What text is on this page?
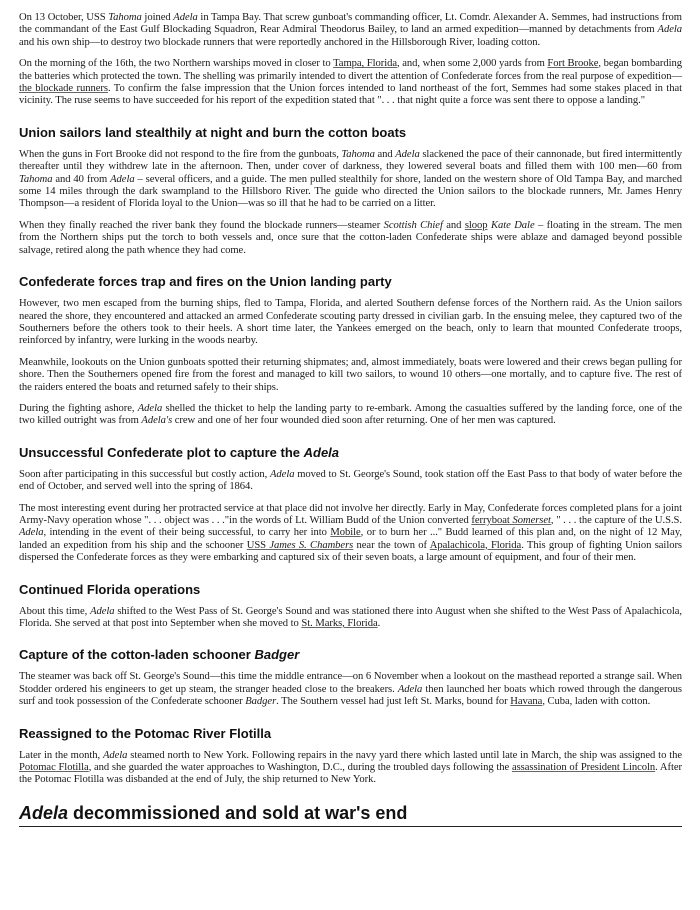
On 13 October, USS Tahoma joined Adela in Tampa Bay. That screw gunboat's commanding officer, Lt. Comdr. Alexander A. Semmes, had instructions from the commandant of the East Gulf Blockading Squadron, Rear Admiral Theodorus Bailey, to land an armed expedition—manned by detachments from Adela and his own ship—to destroy two blockade runners that were reportedly anchored in the Hillsborough River, loading cotton.

On the morning of the 16th, the two Northern warships moved in closer to Tampa, Florida, and, when some 2,000 yards from Fort Brooke, began bombarding the batteries which protected the town. The shelling was primarily intended to divert the attention of Confederate forces from the real purpose of expedition—the blockade runners. To confirm the false impression that the Union forces intended to land northeast of the fort, Semmes had some stakes placed in that vicinity. The ruse seems to have succeeded for his report of the expedition stated that ". . . that night quite a force was sent there to oppose a landing."

Union sailors land stealthily at night and burn the cotton boats

When the guns in Fort Brooke did not respond to the fire from the gunboats, Tahoma and Adela slackened the pace of their cannonade, but fired intermittently thereafter until they withdrew late in the afternoon. Then, under cover of darkness, they lowered several boats and filled them with 100 men—60 from Tahoma and 40 from Adela – several officers, and a guide. The men pulled stealthily for shore, landed on the western shore of Old Tampa Bay, and marched some 14 miles through the dark swampland to the Hillsboro River. The guide who directed the Union sailors to the blockade runners, Mr. James Henry Thompson—a resident of Florida loyal to the Union—was so ill that he had to be carried on a litter.

When they finally reached the river bank they found the blockade runners—steamer Scottish Chief and sloop Kate Dale – floating in the stream. The men from the Northern ships put the torch to both vessels and, once sure that the cotton-laden Confederate ships were ablaze and damaged beyond possible salvage, retired along the path whence they had come.

Confederate forces trap and fires on the Union landing party

However, two men escaped from the burning ships, fled to Tampa, Florida, and alerted Southern defense forces of the Northern raid. As the Union sailors neared the shore, they encountered and attacked an armed Confederate scouting party dressed in civilian garb. In the ensuing melee, they captured two of the Southerners before the others took to their heels. A short time later, the Yankees emerged on the beach, only to learn that mounted Confederate troops, reinforced by infantry, were lurking in the woods nearby.

Meanwhile, lookouts on the Union gunboats spotted their returning shipmates; and, almost immediately, boats were lowered and their crews began pulling for shore. Then the Southerners opened fire from the forest and managed to kill two sailors, to wound 10 others—one mortally, and to capture five. The rest of the raiders entered the boats and returned safely to their ships.

During the fighting ashore, Adela shelled the thicket to help the landing party to re-embark. Among the casualties suffered by the landing force, one of the two killed outright was from Adela's crew and one of her four wounded died soon after returning. One of her men was captured.

Unsuccessful Confederate plot to capture the Adela

Soon after participating in this successful but costly action, Adela moved to St. George's Sound, took station off the East Pass to that body of water before the end of October, and served well into the spring of 1864.

The most interesting event during her protracted service at that place did not involve her directly. Early in May, Confederate forces completed plans for a joint Army-Navy operation whose ". . . object was . . ."in the words of Lt. William Budd of the Union converted ferryboat Somerset, " . . . the capture of the U.S.S. Adela, intending in the event of their being successful, to carry her into Mobile, or to burn her ..." Budd learned of this plan and, on the night of 12 May, landed an expedition from his ship and the schooner USS James S. Chambers near the town of Apalachicola, Florida. This group of fighting Union sailors dispersed the Confederate forces as they were embarking and captured six of their seven boats, a large amount of equipment, and four of their men.

Continued Florida operations

About this time, Adela shifted to the West Pass of St. George's Sound and was stationed there into August when she shifted to the West Pass of Apalachicola, Florida. She served at that post into September when she moved to St. Marks, Florida.

Capture of the cotton-laden schooner Badger

The steamer was back off St. George's Sound—this time the middle entrance—on 6 November when a lookout on the masthead reported a strange sail. When Stodder ordered his engineers to get up steam, the stranger headed close to the breakers. Adela then launched her boats which rowed through the dangerous surf and took possession of the Confederate schooner Badger. The Southern vessel had just left St. Marks, bound for Havana, Cuba, laden with cotton.

Reassigned to the Potomac River Flotilla

Later in the month, Adela steamed north to New York. Following repairs in the navy yard there which lasted until late in March, the ship was assigned to the Potomac Flotilla, and she guarded the water approaches to Washington, D.C., during the troubled days following the assassination of President Lincoln. After the Potomac Flotilla was disbanded at the end of July, the ship returned to New York.

Adela decommissioned and sold at war's end
